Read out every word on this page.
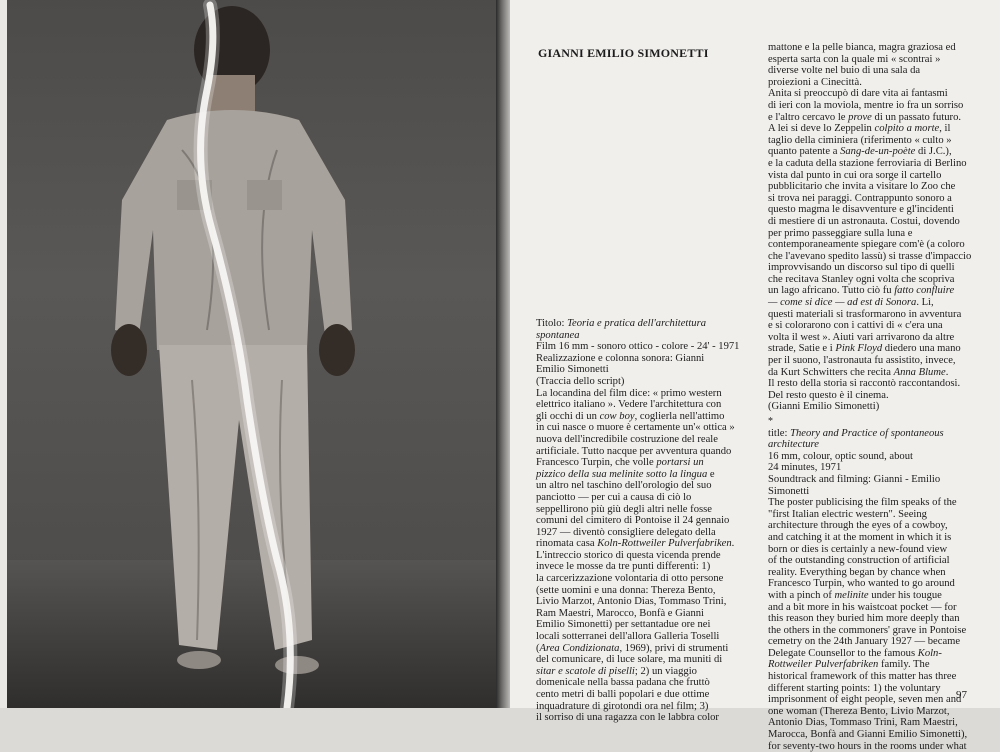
GIANNI EMILIO SIMONETTI

Titolo: Teoria e pratica dell'architettura

spontanea

Film 16 mm - sonoro ottico - colore - 24' - 1971

Realizzazione e colonna sonora: Gianni

Emilio Simonetti

(Traccia dello script)

La locandina del film dice: « primo western

elettrico italiano ». Vedere l'architettura con

gli occhi di un cow boy, coglierla nell'attimo

in cui nasce o muore è certamente un'« ottica »

nuova dell'incredibile costruzione del reale

artificiale. Tutto nacque per avventura quando

Francesco Turpin, che volle portarsi un

pizzico della sua melinite sotto la lingua e

un altro nel taschino dell'orologio del suo

panciotto — per cui a causa di ciò lo

seppellirono più giù degli altri nelle fosse

comuni del cimitero di Pontoise il 24 gennaio

1927 — diventò consigliere delegato della

rinomata casa Koln-Rottweiler Pulverfabriken.

L'intreccio storico di questa vicenda prende

invece le mosse da tre punti differenti: 1)

la carcerizzazione volontaria di otto persone

(sette uomini e una donna: Thereza Bento,

Livio Marzot, Antonio Dias, Tommaso Trini,

Ram Maestri, Marocco, Bonfà e Gianni

Emilio Simonetti) per settantadue ore nei

locali sotterranei dell'allora Galleria Toselli

(Area Condizionata, 1969), privi di strumenti

del comunicare, di luce solare, ma muniti di

sitar e scatole di piselli; 2) un viaggio

domenicale nella bassa padana che fruttò

cento metri di balli popolari e due ottime

inquadrature di girotondi ora nel film; 3)

il sorriso di una ragazza con le labbra color

mattone e la pelle bianca, magra graziosa ed

esperta sarta con la quale mi « scontrai »

diverse volte nel buio di una sala da

proiezioni a Cinecittà.

Anita si preoccupò di dare vita ai fantasmi

di ieri con la moviola, mentre io fra un sorriso

e l'altro cercavo le prove di un passato futuro.

A lei si deve lo Zeppelin colpito a morte, il

taglio della ciminiera (riferimento « culto »

quanto patente a Sang-de-un-poète di J.C.),

e la caduta della stazione ferroviaria di Berlino

vista dal punto in cui ora sorge il cartello

pubblicitario che invita a visitare lo Zoo che

si trova nei paraggi. Contrappunto sonoro a

questo magma le disavventure e gl'incidenti

di mestiere di un astronauta. Costui, dovendo

per primo passeggiare sulla luna e

contemporaneamente spiegare com'è (a coloro

che l'avevano spedito lassù) si trasse d'impaccio

improvvisando un discorso sul tipo di quelli

che recitava Stanley ogni volta che scopriva

un lago africano. Tutto ciò fu fatto confluire

— come si dice — ad est di Sonora. Lì,

questi materiali si trasformarono in avventura

e si colorarono con i cattivi di « c'era una

volta il west ». Aiuti vari arrivarono da altre

strade, Satie e i Pink Floyd diedero una mano

per il suono, l'astronauta fu assistito, invece,

da Kurt Schwitters che recita Anna Blume.

Il resto della storia si raccontò raccontandosi.

Del resto questo è il cinema.

(Gianni Emilio Simonetti)

*

title: Theory and Practice of spontaneous

architecture

16 mm, colour, optic sound, about

24 minutes, 1971

Soundtrack and filming: Gianni - Emilio

Simonetti

The poster publicising the film speaks of the

"first Italian electric western". Seeing

architecture through the eyes of a cowboy,

and catching it at the moment in which it is

born or dies is certainly a new-found view

of the outstanding construction of artificial

reality. Everything began by chance when

Francesco Turpin, who wanted to go around

with a pinch of melinite under his tougue

and a bit more in his waistcoat pocket — for

this reason they buried him more deeply than

the others in the commoners' grave in Pontoise

cemetry on the 24th January 1927 — became

Delegate Counsellor to the famous Koln-

Rottweiler Pulverfabriken family. The

historical framework of this matter has three

different starting points: 1) the voluntary

imprisonment of eight people, seven men and

one woman (Thereza Bento, Livio Marzot,

Antonio Dias, Tommaso Trini, Ram Maestri,

Marocca, Bonfà and Gianni Emilio Simonetti),

for seventy-two hours in the rooms under what

97
